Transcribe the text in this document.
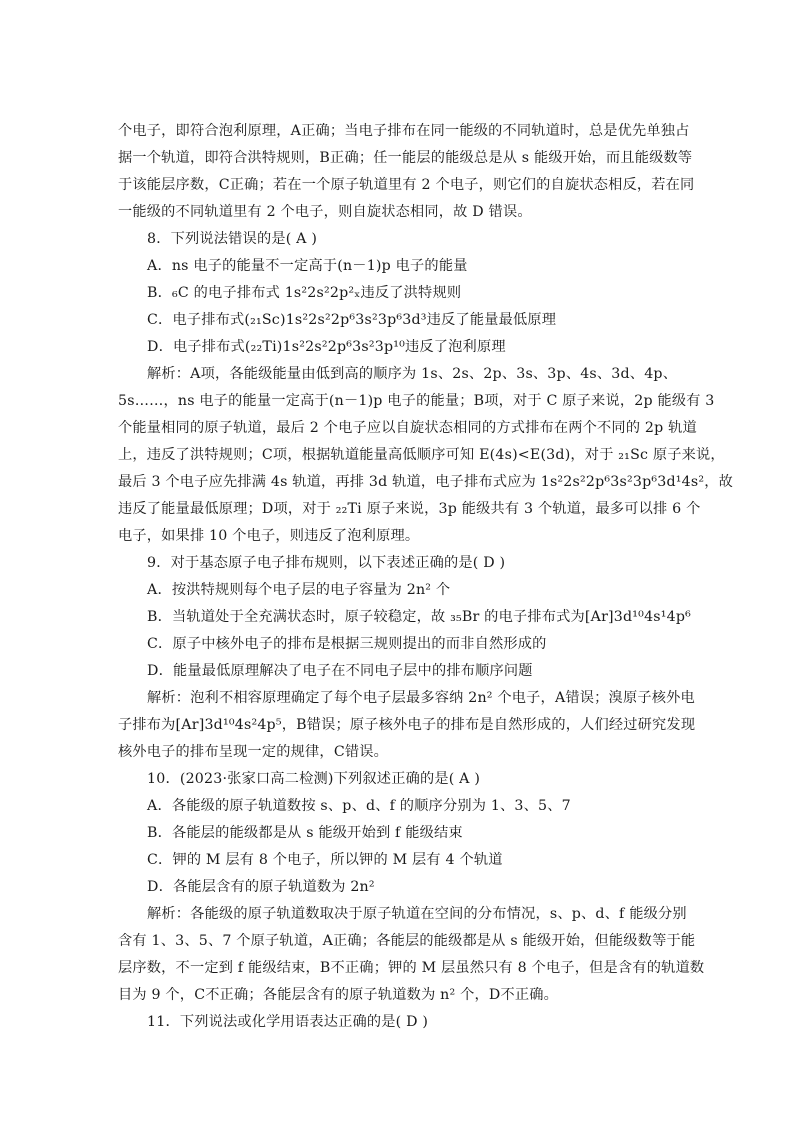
个电子，即符合泡利原理，A正确；当电子排布在同一能级的不同轨道时，总是优先单独占
据一个轨道，即符合洪特规则，B正确；任一能层的能级总是从 s 能级开始，而且能级数等
于该能层序数，C正确；若在一个原子轨道里有 2 个电子，则它们的自旋状态相反，若在同
一能级的不同轨道里有 2 个电子，则自旋状态相同，故 D 错误。
8．下列说法错误的是( A )
A．ns 电子的能量不一定高于(n－1)p 电子的能量
B．₆C 的电子排布式 1s²2s²2p²ₓ违反了洪特规则
C．电子排布式(₂₁Sc)1s²2s²2p⁶3s²3p⁶3d³违反了能量最低原理
D．电子排布式(₂₂Ti)1s²2s²2p⁶3s²3p¹⁰违反了泡利原理
解析：A项，各能级能量由低到高的顺序为 1s、2s、2p、3s、3p、4s、3d、4p、
5s……，ns 电子的能量一定高于(n－1)p 电子的能量；B项，对于 C 原子来说，2p 能级有 3
个能量相同的原子轨道，最后 2 个电子应以自旋状态相同的方式排布在两个不同的 2p 轨道
上，违反了洪特规则；C项，根据轨道能量高低顺序可知 E(4s)<E(3d)，对于 ₂₁Sc 原子来说，
最后 3 个电子应先排满 4s 轨道，再排 3d 轨道，电子排布式应为 1s²2s²2p⁶3s²3p⁶3d¹4s²，故
违反了能量最低原理；D项，对于 ₂₂Ti 原子来说，3p 能级共有 3 个轨道，最多可以排 6 个
电子，如果排 10 个电子，则违反了泡利原理。
9．对于基态原子电子排布规则，以下表述正确的是( D )
A．按洪特规则每个电子层的电子容量为 2n² 个
B．当轨道处于全充满状态时，原子较稳定，故 ₃₅Br 的电子排布式为[Ar]3d¹⁰4s¹4p⁶
C．原子中核外电子的排布是根据三规则提出的而非自然形成的
D．能量最低原理解决了电子在不同电子层中的排布顺序问题
解析：泡利不相容原理确定了每个电子层最多容纳 2n² 个电子，A错误；溴原子核外电
子排布为[Ar]3d¹⁰4s²4p⁵，B错误；原子核外电子的排布是自然形成的，人们经过研究发现
核外电子的排布呈现一定的规律，C错误。
10．(2023·张家口高二检测)下列叙述正确的是( A )
A．各能级的原子轨道数按 s、p、d、f 的顺序分别为 1、3、5、7
B．各能层的能级都是从 s 能级开始到 f 能级结束
C．钾的 M 层有 8 个电子，所以钾的 M 层有 4 个轨道
D．各能层含有的原子轨道数为 2n²
解析：各能级的原子轨道数取决于原子轨道在空间的分布情况，s、p、d、f 能级分别
含有 1、3、5、7 个原子轨道，A正确；各能层的能级都是从 s 能级开始，但能级数等于能
层序数，不一定到 f 能级结束，B不正确；钾的 M 层虽然只有 8 个电子，但是含有的轨道数
目为 9 个，C不正确；各能层含有的原子轨道数为 n² 个，D不正确。
11．下列说法或化学用语表达正确的是( D )
